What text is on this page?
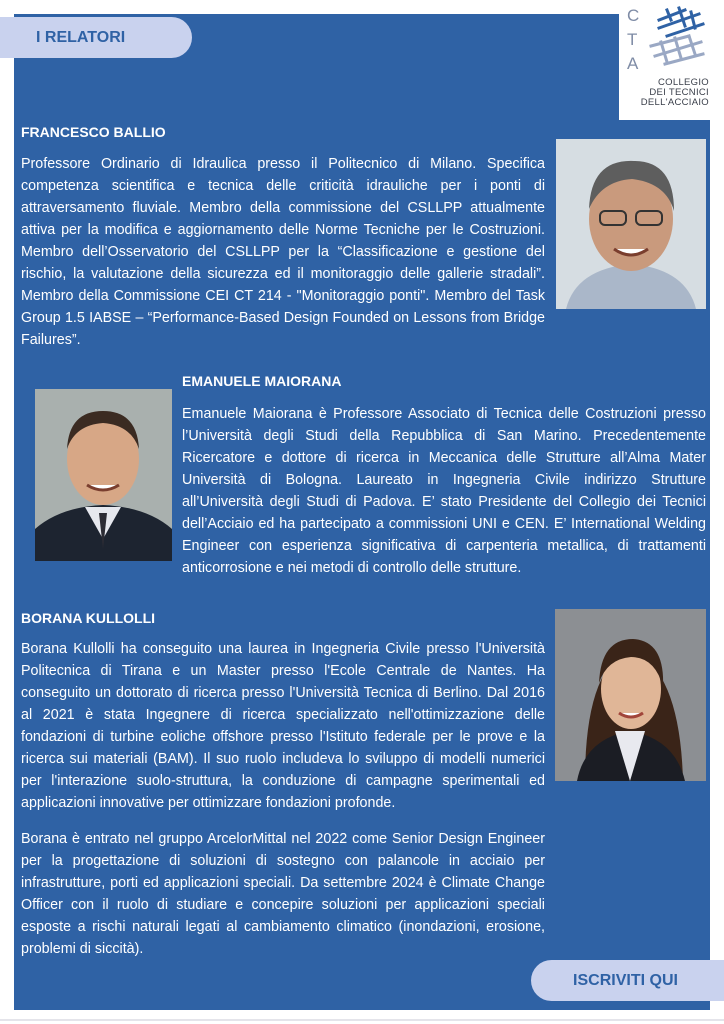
I RELATORI
C
T
A
COLLEGIO
DEI TECNICI
DELL'ACCIAIO
FRANCESCO BALLIO

Professore Ordinario di Idraulica presso il Politecnico di Milano. Specifica competenza scientifica e tecnica delle criticità idrauliche per i ponti di attraversamento fluviale. Membro della commissione del CSLLPP attualmente attiva per la modifica e aggiornamento delle Norme Tecniche per le Costruzioni. Membro dell’Osservatorio del CSLLPP per la “Classificazione e gestione del rischio, la valutazione della sicurezza ed il monitoraggio delle gallerie stradali”. Membro della Commissione CEI CT 214 - "Monitoraggio ponti". Membro del Task Group 1.5 IABSE – “Performance-Based Design Founded on Lessons from Bridge Failures”.

EMANUELE MAIORANA

Emanuele Maiorana è Professore Associato di Tecnica delle Costruzioni presso l’Università degli Studi della Repubblica di San Marino. Precedentemente Ricercatore e dottore di ricerca in Meccanica delle Strutture all’Alma Mater Università di Bologna. Laureato in Ingegneria Civile indirizzo Strutture all’Università degli Studi di Padova. E’ stato Presidente del Collegio dei Tecnici dell’Acciaio ed ha partecipato a commissioni UNI e CEN. E’ International Welding Engineer con esperienza significativa di carpenteria metallica, di trattamenti anticorrosione e nei metodi di controllo delle strutture.

BORANA KULLOLLI

Borana Kullolli ha conseguito una laurea in Ingegneria Civile presso l'Università Politecnica di Tirana e un Master presso l'Ecole Centrale de Nantes. Ha conseguito un dottorato di ricerca presso l'Università Tecnica di Berlino. Dal 2016 al 2021 è stata Ingegnere di ricerca specializzato nell'ottimizzazione delle fondazioni di turbine eoliche offshore presso l'Istituto federale per le prove e la ricerca sui materiali (BAM). Il suo ruolo includeva lo sviluppo di modelli numerici per l'interazione suolo-struttura, la conduzione di campagne sperimentali ed applicazioni innovative per ottimizzare fondazioni profonde.

Borana è entrato nel gruppo ArcelorMittal nel 2022 come Senior Design Engineer per la progettazione di soluzioni di sostegno con palancole in acciaio per infrastrutture, porti ed applicazioni speciali. Da settembre 2024 è Climate Change Officer con il ruolo di studiare e concepire soluzioni per applicazioni speciali esposte a rischi naturali legati al cambiamento climatico (inondazioni, erosione, problemi di siccità).

ISCRIVITI QUI
